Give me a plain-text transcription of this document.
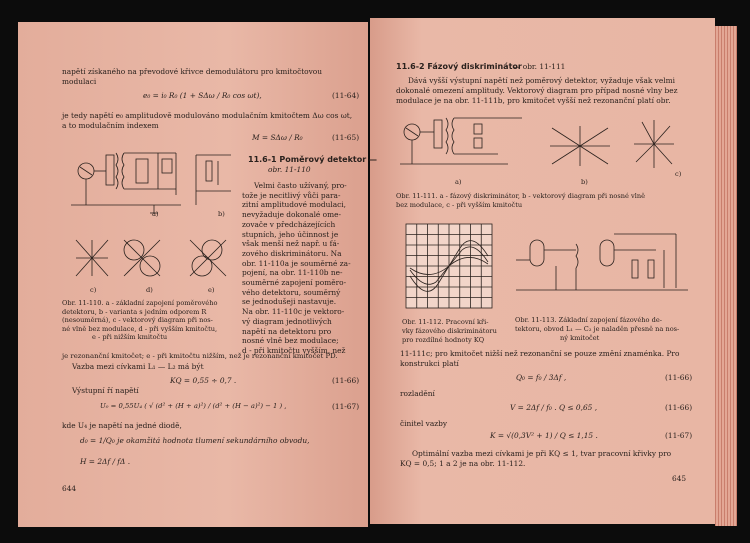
napětí získaného na převodové křivce demodulátoru pro kmitočtovou
modulaci
e₀ = i₀ R₀ (1 + SΔω / R₀ cos ωt),	(11-64)
je tedy napětí e₀ amplitudově modulováno modulačním kmitočtem Δω cos ωt,
a to modulačním indexem
M = SΔω / R₀	(11-65)
a)	b)
c)	d)	e)
11.6-1 Poměrový detektor —
obr. 11-110
Velmi často užívaný, pro-
tože je necitlivý vůči para-
zitní amplitudové modulaci,
nevyžaduje dokonalé ome-
zovače v předcházejících
stupních, jeho účinnost je
však menší než např. u fá-
zového diskriminátoru. Na
obr. 11-110a je souměrné za-
pojení, na obr. 11-110b ne-
souměrné zapojení poměro-
vého detektoru, souměrný
se jednodušeji nastavuje.
Na obr. 11-110c je vektoro-
vý diagram jednotlivých
napětí na detektoru pro
nosné vlně bez modulace;
d - při kmitočtu vyšším, než
Obr. 11-110. a - základní zapojení poměrového
detektoru, b - varianta s jedním odporem R
(nesouměrná), c - vektorový diagram při nos-
né vlně bez modulace, d - při vyšším kmitočtu,
e - při nižším kmitočtu
je rezonanční kmitočet; e - při kmitočtu nižším, než je rezonanční kmitočet PD.
Vazba mezi cívkami L₁ — L₂ má být
KQ = 0,55 ÷ 0,7 .	(11-66)
Výstupní ří napětí
U₀ = 0,55U₄ ( √ (d² + (H + a)²) / (d² + (H − a)²) − 1 ) ,	(11-67)
kde U₄ je napětí na jedné diodě,
d₀ = 1/Q₀ je okamžitá hodnota tlumení sekundárního obvodu,
H = 2Δf / fΔ .
644
11.6-2 Fázový diskriminátor
— obr. 11-111
Dává vyšší výstupní napětí než poměrový detektor, vyžaduje však velmi
dokonalé omezení amplitudy. Vektorový diagram pro případ nosné vlny bez
modulace je na obr. 11-111b, pro kmitočet vyšší než rezonanční platí obr.
a)	b)
c)
Obr. 11-111. a - fázový diskriminátor, b - vektorový diagram při nosné vlně
bez modulace, c - při vyšším kmitočtu
Obr. 11-112. Pracovní kři-
vky fázového diskriminátoru
pro rozdílné hodnoty KQ
Obr. 11-113. Základní zapojení fázového de-
tektoru, obvod L₁ — C₂ je naladěn přesně na nos-
ný kmitočet
11-111c; pro kmitočet nižší než rezonanční se pouze změní znaménka. Pro
konstrukci platí
Q₀ = f₀ / 3Δf ,	(11-66)
rozladění
V = 2Δf / f₀ . Q ≤ 0,65 ,	(11-66)
činitel vazby
K = √(0,3V² + 1) / Q ≤ 1,15 .	(11-67)
Optimální vazba mezi cívkami je při KQ ≤ 1, tvar pracovní křivky pro
KQ = 0,5; 1 a 2 je na obr. 11-112.
645
